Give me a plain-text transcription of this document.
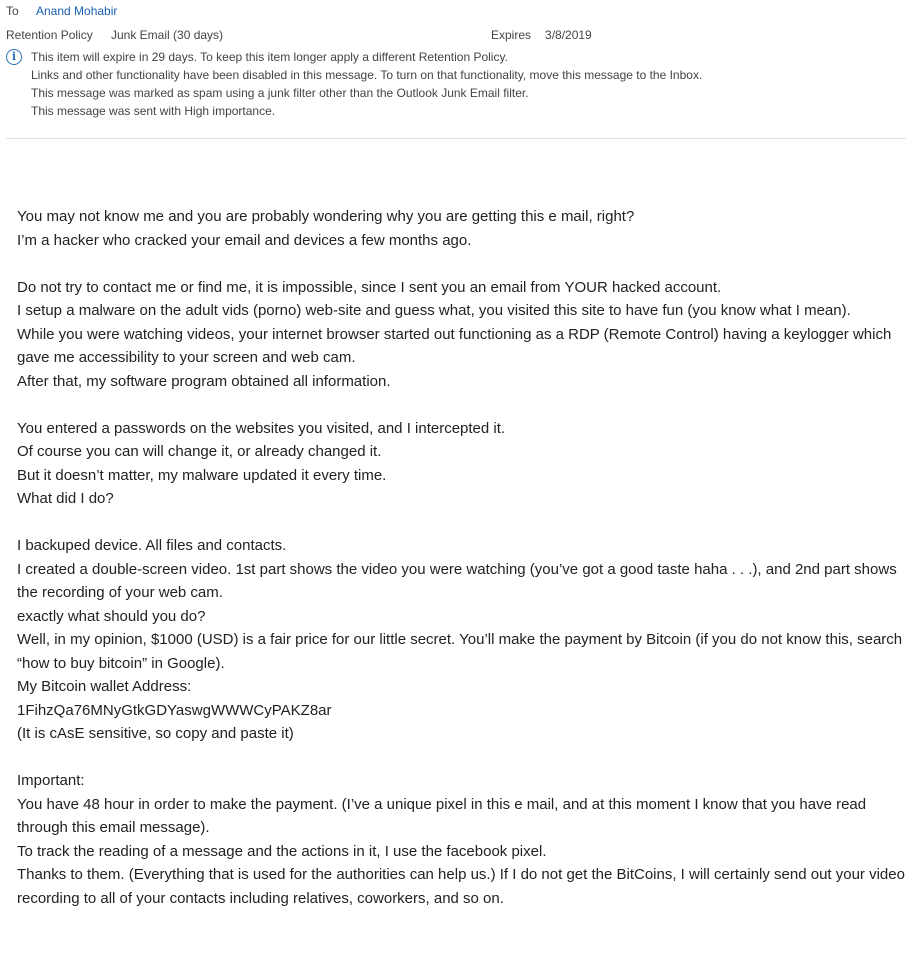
To	Anand Mohabir
Retention Policy	Junk Email (30 days)	Expires 3/8/2019
i	This item will expire in 29 days. To keep this item longer apply a different Retention Policy.
Links and other functionality have been disabled in this message. To turn on that functionality, move this message to the Inbox.
This message was marked as spam using a junk filter other than the Outlook Junk Email filter.
This message was sent with High importance.

You may not know me and you are probably wondering why you are getting this e mail, right?

I’m a hacker who cracked your email and devices a few months ago.

Do not try to contact me or find me, it is impossible, since I sent you an email from YOUR hacked account.

I setup a malware on the adult vids (porno) web-site and guess what, you visited this site to have fun (you know what I mean).

While you were watching videos, your internet browser started out functioning as a RDP (Remote Control) having a keylogger which gave me accessibility to your screen and web cam.

After that, my software program obtained all information.

You entered a passwords on the websites you visited, and I intercepted it.

Of course you can will change it, or already changed it.

But it doesn’t matter, my malware updated it every time.

What did I do?

I backuped device. All files and contacts.

I created a double-screen video. 1st part shows the video you were watching (you’ve got a good taste haha . . .), and 2nd part shows the recording of your web cam.

exactly what should you do?

Well, in my opinion, $1000 (USD) is a fair price for our little secret. You’ll make the payment by Bitcoin (if you do not know this, search “how to buy bitcoin” in Google).

My Bitcoin wallet Address:

1FihzQa76MNyGtkGDYaswgWWWCyPAKZ8ar

(It is cAsE sensitive, so copy and paste it)

Important:

You have 48 hour in order to make the payment. (I’ve a unique pixel in this e mail, and at this moment I know that you have read through this email message).

To track the reading of a message and the actions in it, I use the facebook pixel.

Thanks to them. (Everything that is used for the authorities can help us.) If I do not get the BitCoins, I will certainly send out your video recording to all of your contacts including relatives, coworkers, and so on.
